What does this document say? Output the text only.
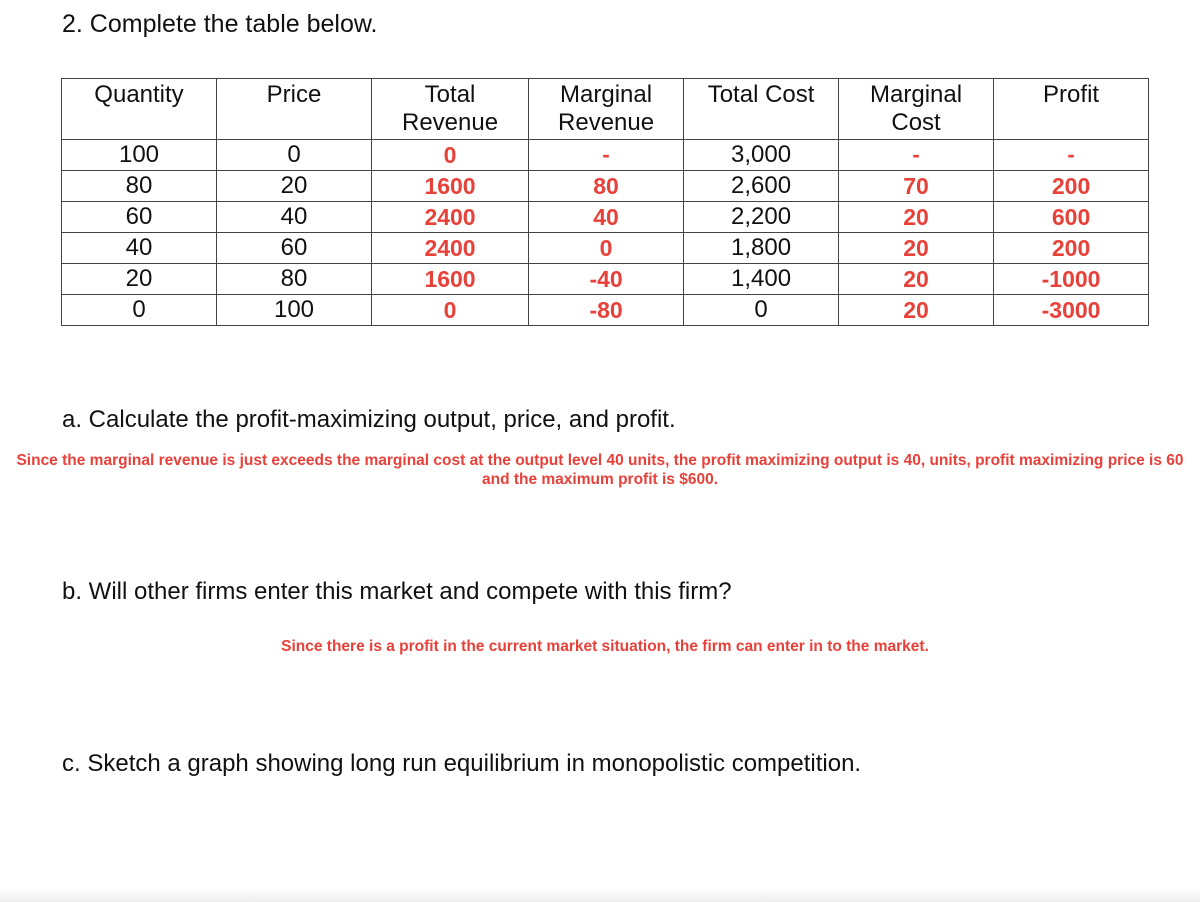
2. Complete the table below.
Quantity	Price	Total Revenue	Marginal Revenue	Total Cost	Marginal Cost	Profit
100	0	0	-	3,000	-	-
80	20	1600	80	2,600	70	200
60	40	2400	40	2,200	20	600
40	60	2400	0	1,800	20	200
20	80	1600	-40	1,400	20	-1000
0	100	0	-80	0	20	-3000

a. Calculate the profit-maximizing output, price, and profit.

Since the marginal revenue is just exceeds the marginal cost at the output level 40 units, the profit maximizing output is 40, units, profit maximizing price is 60 and the maximum profit is $600.

b. Will other firms enter this market and compete with this firm?

Since there is a profit in the current market situation, the firm can enter in to the market.

c. Sketch a graph showing long run equilibrium in monopolistic competition.
